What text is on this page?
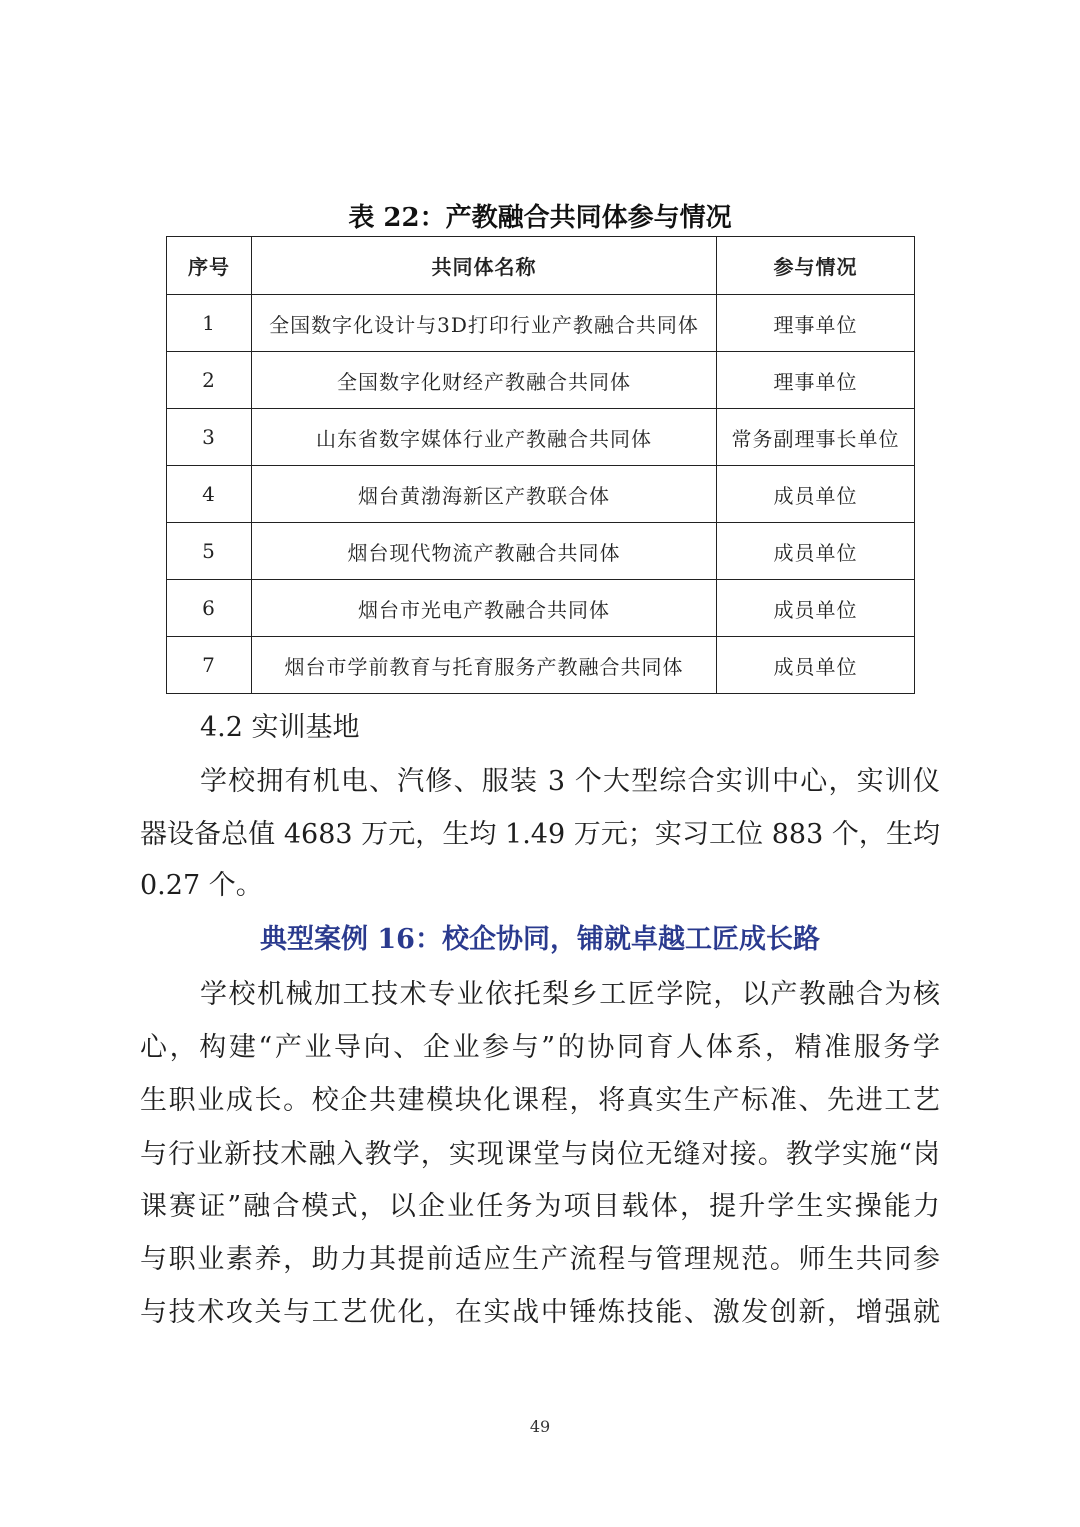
表 22：产教融合共同体参与情况
序号	共同体名称	参与情况
1	全国数字化设计与3D打印行业产教融合共同体	理事单位
2	全国数字化财经产教融合共同体	理事单位
3	山东省数字媒体行业产教融合共同体	常务副理事长单位
4	烟台黄渤海新区产教联合体	成员单位
5	烟台现代物流产教融合共同体	成员单位
6	烟台市光电产教融合共同体	成员单位
7	烟台市学前教育与托育服务产教融合共同体	成员单位
4.2 实训基地
学校拥有机电、汽修、服装 3 个大型综合实训中心，实训仪
器设备总值 4683 万元，生均 1.49 万元；实习工位 883 个，生均
0.27 个。
典型案例 16：校企协同，铺就卓越工匠成长路
学校机械加工技术专业依托梨乡工匠学院，以产教融合为核
心，构建“产业导向、企业参与”的协同育人体系，精准服务学
生职业成长。校企共建模块化课程，将真实生产标准、先进工艺
与行业新技术融入教学，实现课堂与岗位无缝对接。教学实施“岗
课赛证”融合模式，以企业任务为项目载体，提升学生实操能力
与职业素养，助力其提前适应生产流程与管理规范。师生共同参
与技术攻关与工艺优化，在实战中锤炼技能、激发创新，增强就
49
